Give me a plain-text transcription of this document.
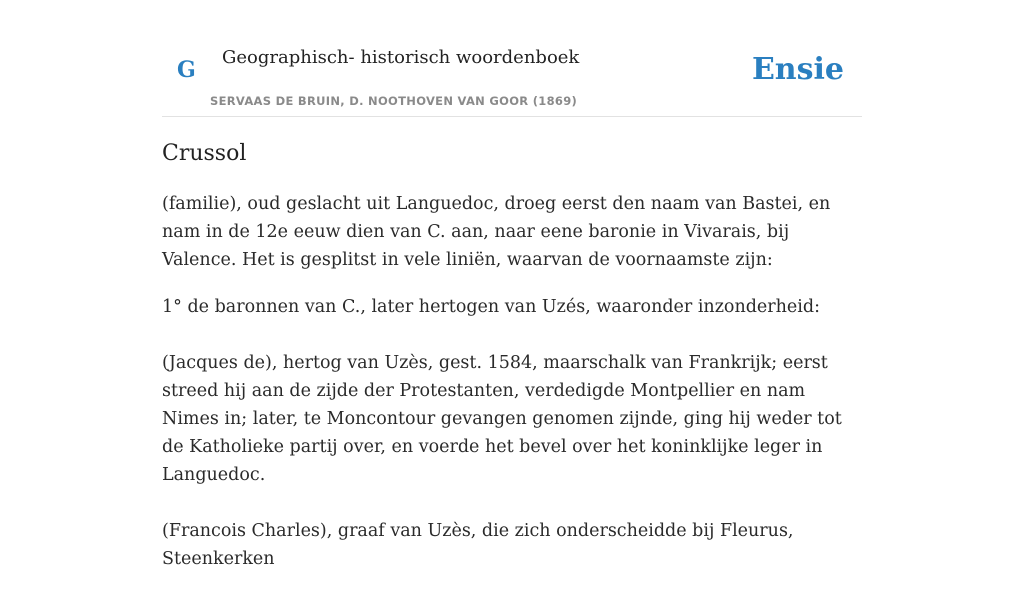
G Geographisch- historisch woordenboek
SERVAAS DE BRUIN, D. NOOTHOVEN VAN GOOR (1869)
Ensie
Crussol

(familie), oud geslacht uit Languedoc, droeg eerst den naam van Bastei, en nam in de 12e eeuw dien van C. aan, naar eene baronie in Vivarais, bij Valence. Het is gesplitst in vele liniën, waarvan de voornaamste zijn:

1° de baronnen van C., later hertogen van Uzés, waaronder inzonderheid:

(Jacques de), hertog van Uzès, gest. 1584, maarschalk van Frankrijk; eerst streed hij aan de zijde der Protestanten, verdedigde Montpellier en nam Nimes in; later, te Moncontour gevangen genomen zijnde, ging hij weder tot de Katholieke partij over, en voerde het bevel over het koninklijke leger in Languedoc.

(Francois Charles), graaf van Uzès, die zich onderscheidde bij Fleurus, Steenkerken
